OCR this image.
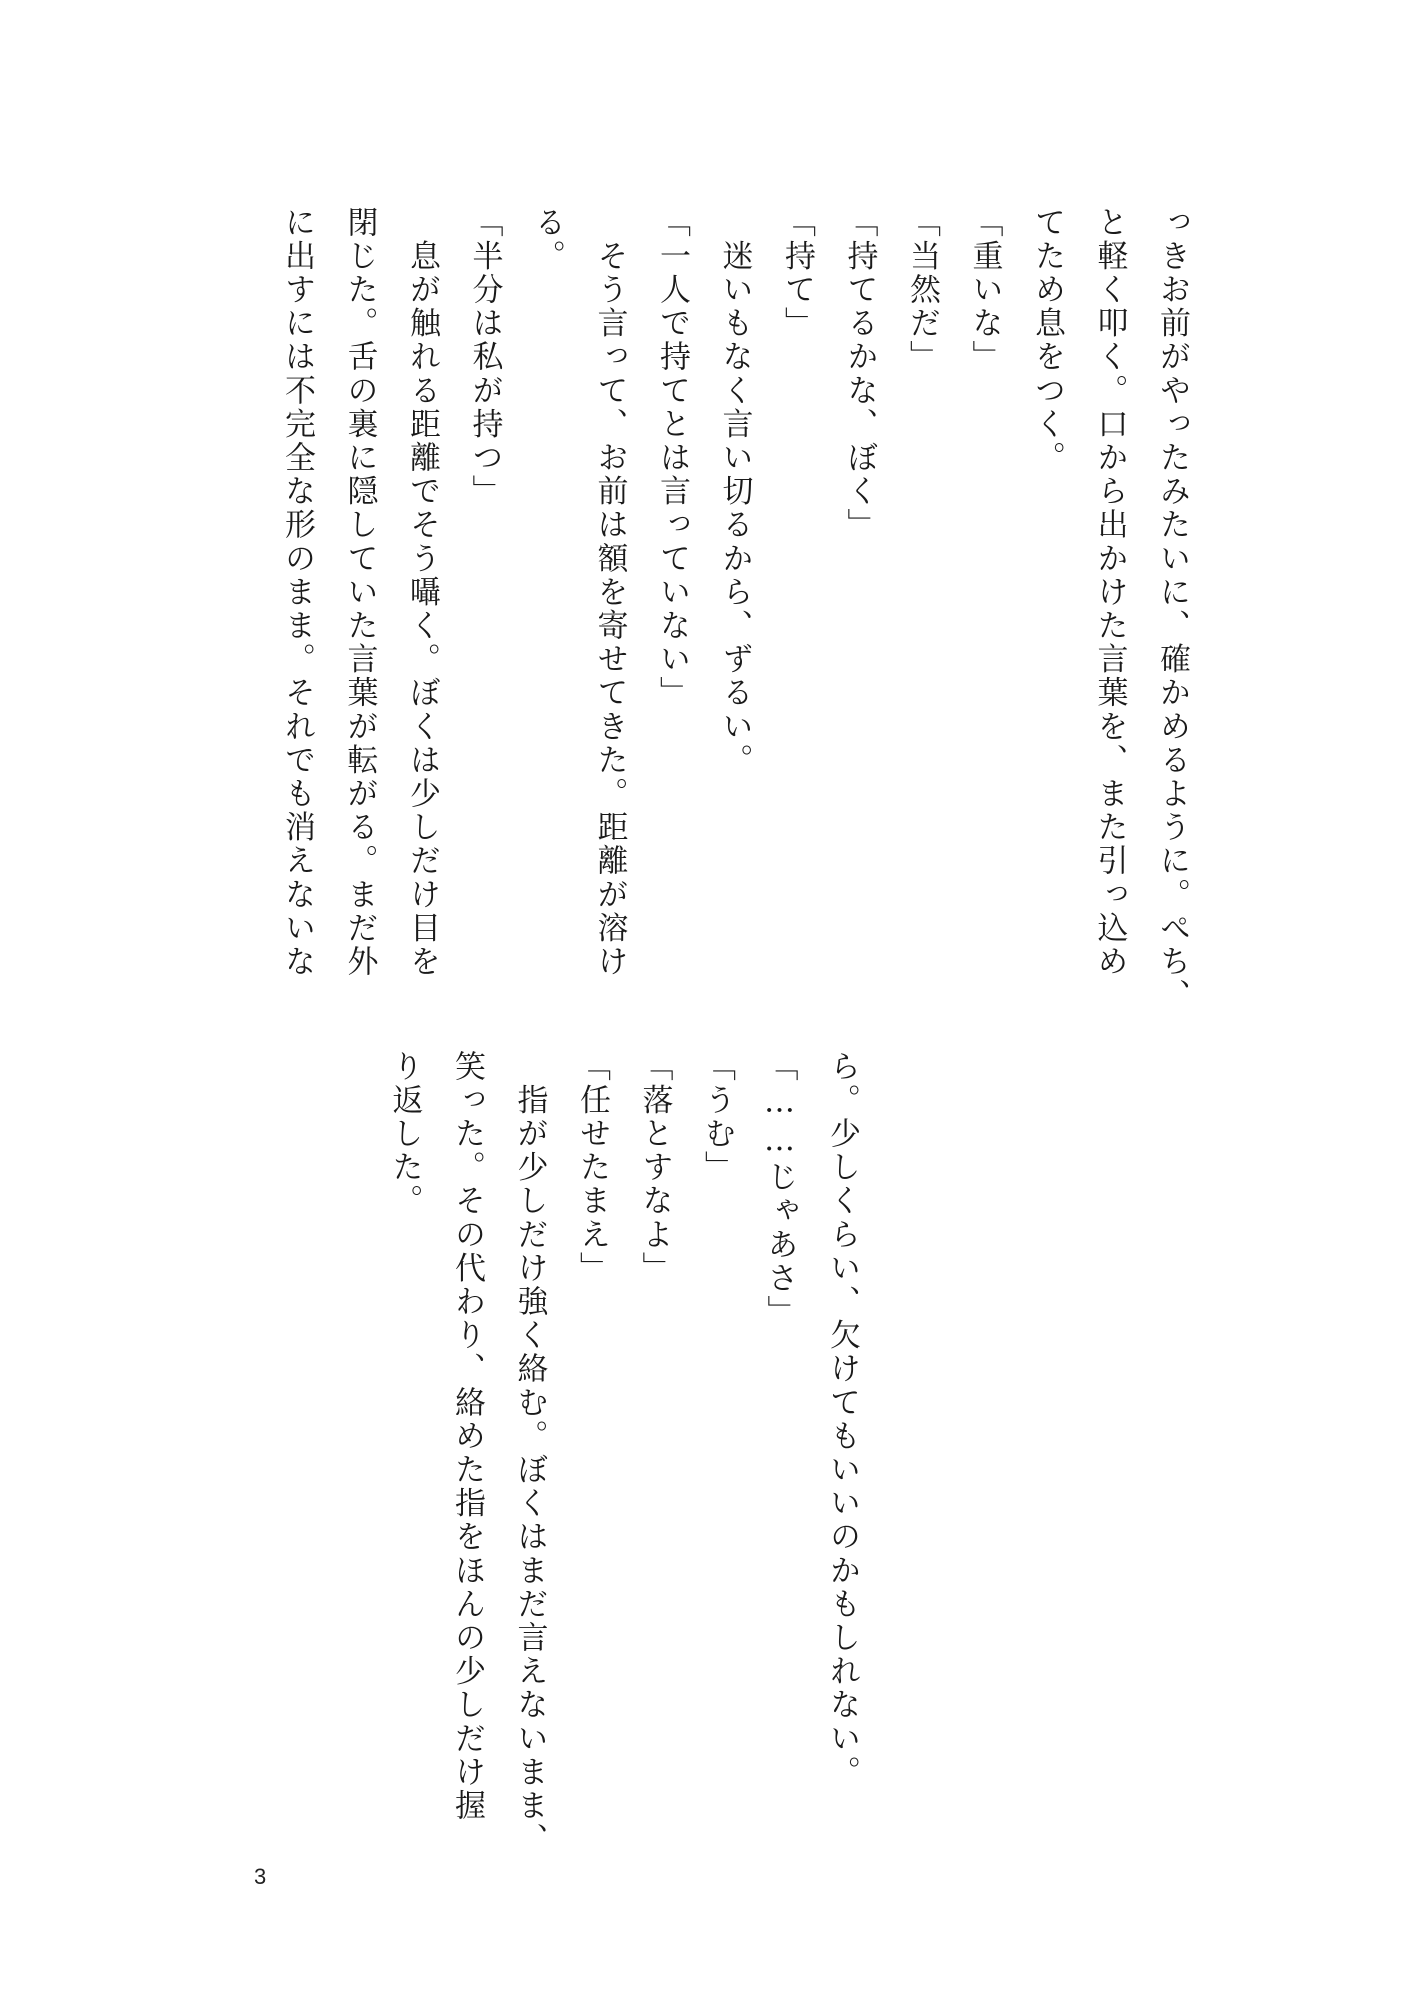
っきお前がやったみたいに、確かめるように。ぺち、

と軽く叩く。口から出かけた言葉を、また引っ込め

てため息をつく。

「重いな」

「当然だ」

「持てるかな、ぼく」

「持て」

　迷いもなく言い切るから、ずるい。

「一人で持てとは言っていない」

　そう言って、お前は額を寄せてきた。距離が溶け

る。

「半分は私が持つ」

　息が触れる距離でそう囁く。ぼくは少しだけ目を

閉じた。舌の裏に隠していた言葉が転がる。まだ外

に出すには不完全な形のまま。それでも消えないな

ら。少しくらい、欠けてもいいのかもしれない。

「……じゃあさ」

「うむ」

「落とすなよ」

「任せたまえ」

　指が少しだけ強く絡む。ぼくはまだ言えないまま、

笑った。その代わり、絡めた指をほんの少しだけ握

り返した。

3
